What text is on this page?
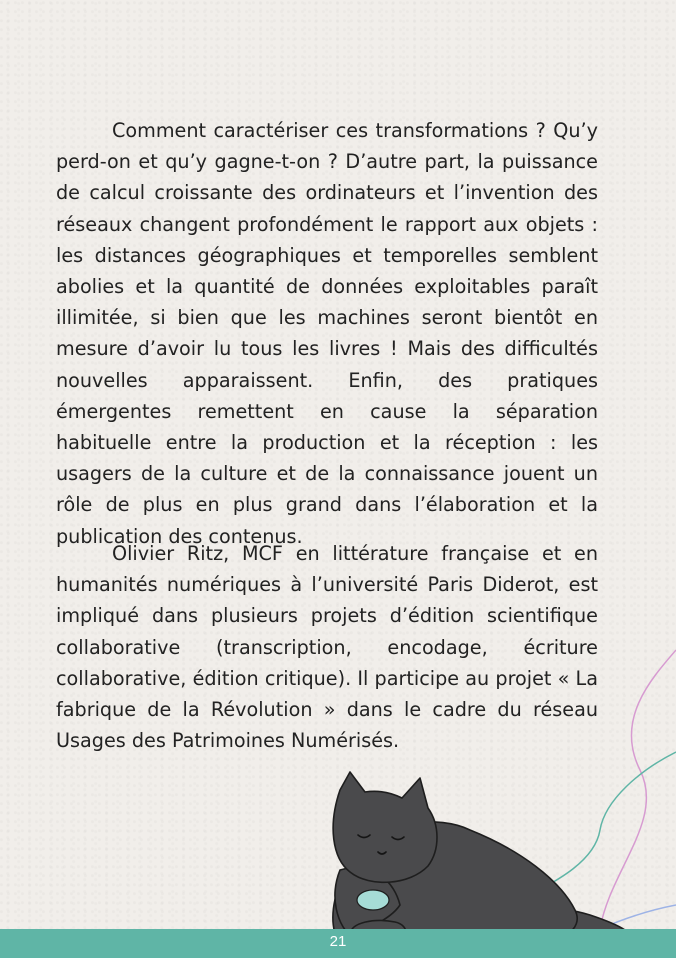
Comment caractériser ces transformations ? Qu’y perd-on et qu’y gagne-t-on ? D’autre part, la puissance de calcul croissante des ordinateurs et l’invention des réseaux changent profondément le rapport aux objets : les distances géographiques et temporelles semblent abolies et la quantité de données exploitables paraît illimitée, si bien que les machines seront bientôt en mesure d’avoir lu tous les livres ! Mais des difficultés nouvelles apparaissent. Enfin, des pratiques émergentes remettent en cause la séparation habituelle entre la production et la réception : les usagers de la culture et de la connaissance jouent un rôle de plus en plus grand dans l’élaboration et la publication des contenus.

Olivier Ritz, MCF en littérature française et en humanités numériques à l’université Paris Diderot, est impliqué dans plusieurs projets d’édition scientifique collaborative (transcription, encodage, écriture collaborative, édition critique). Il participe au projet « La fabrique de la Révolution » dans le cadre du réseau Usages des Patrimoines Numérisés.

21
